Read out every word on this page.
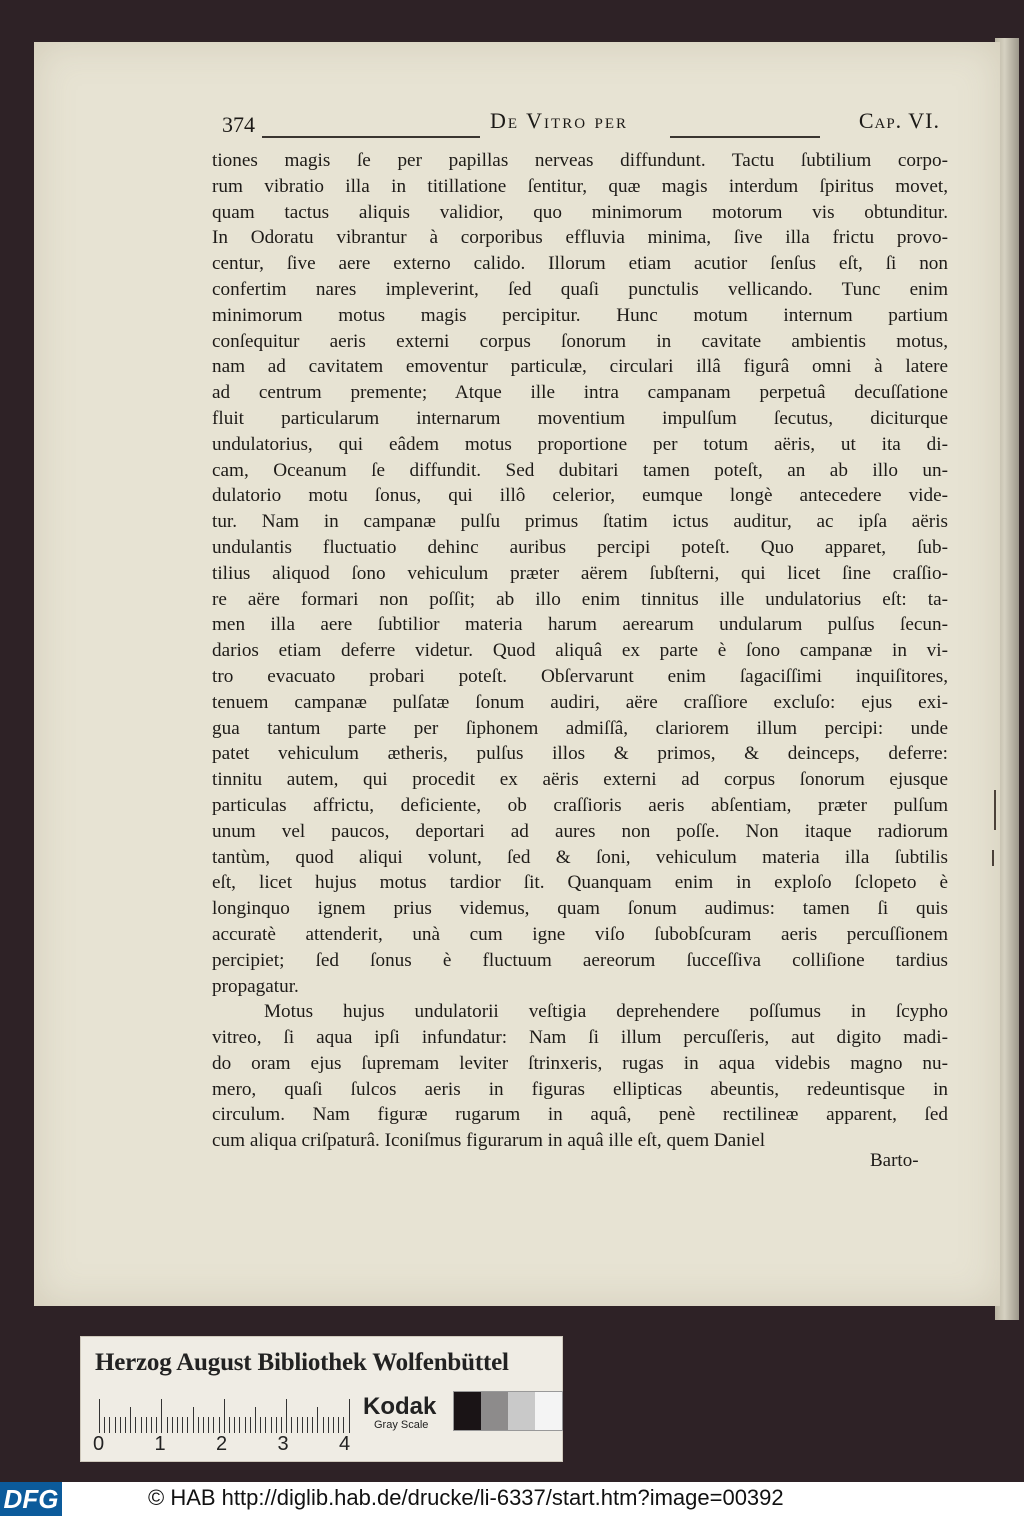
374	De Vitro per	Cap. VI.
tiones magis ſe per papillas nerveas diffundunt. Tactu ſubtilium corpo-
rum vibratio illa in titillatione ſentitur, quæ magis interdum ſpiritus movet,
quam tactus aliquis validior, quo minimorum motorum vis obtunditur.
In Odoratu vibrantur à corporibus effluvia minima, ſive illa frictu provo-
centur, ſive aere externo calido. Illorum etiam acutior ſenſus eſt, ſi non
confertim nares impleverint, ſed quaſi punctulis vellicando. Tunc enim
minimorum motus magis percipitur. Hunc motum internum partium
conſequitur aeris externi corpus ſonorum in cavitate ambientis motus,
nam ad cavitatem emoventur particulæ, circulari illâ figurâ omni à latere
ad centrum premente; Atque ille intra campanam perpetuâ decuſſatione
fluit particularum internarum moventium impulſum ſecutus, diciturque
undulatorius, qui eâdem motus proportione per totum aëris, ut ita di-
cam, Oceanum ſe diffundit. Sed dubitari tamen poteſt, an ab illo un-
dulatorio motu ſonus, qui illô celerior, eumque longè antecedere vide-
tur. Nam in campanæ pulſu primus ſtatim ictus auditur, ac ipſa aëris
undulantis fluctuatio dehinc auribus percipi poteſt. Quo apparet, ſub-
tilius aliquod ſono vehiculum præter aërem ſubſterni, qui licet ſine craſſio-
re aëre formari non poſſit; ab illo enim tinnitus ille undulatorius eſt: ta-
men illa aere ſubtilior materia harum aerearum undularum pulſus ſecun-
darios etiam deferre videtur. Quod aliquâ ex parte è ſono campanæ in vi-
tro evacuato probari poteſt. Obſervarunt enim ſagaciſſimi inquiſitores,
tenuem campanæ pulſatæ ſonum audiri, aëre craſſiore excluſo: ejus exi-
gua tantum parte per ſiphonem admiſſâ, clariorem illum percipi: unde
patet vehiculum ætheris, pulſus illos & primos, & deinceps, deferre:
tinnitu autem, qui procedit ex aëris externi ad corpus ſonorum ejusque
particulas affrictu, deficiente, ob craſſioris aeris abſentiam, præter pulſum
unum vel paucos, deportari ad aures non poſſe. Non itaque radiorum
tantùm, quod aliqui volunt, ſed & ſoni, vehiculum materia illa ſubtilis
eſt, licet hujus motus tardior ſit. Quanquam enim in exploſo ſclopeto è
longinquo ignem prius videmus, quam ſonum audimus: tamen ſi quis
accuratè attenderit, unà cum igne viſo ſubobſcuram aeris percuſſionem
percipiet; ſed ſonus è fluctuum aereorum ſucceſſiva colliſione tardius
propagatur.
Motus hujus undulatorii veſtigia deprehendere poſſumus in ſcypho
vitreo, ſi aqua ipſi infundatur: Nam ſi illum percuſſeris, aut digito madi-
do oram ejus ſupremam leviter ſtrinxeris, rugas in aqua videbis magno nu-
mero, quaſi ſulcos aeris in figuras ellipticas abeuntis, redeuntisque in
circulum. Nam figuræ rugarum in aquâ, penè rectilineæ apparent, ſed
cum aliqua criſpaturâ. Iconiſmus figurarum in aquâ ille eſt, quem Daniel
Barto-
Herzog August Bibliothek Wolfenbüttel
0	1	2	3	4
Kodak
Gray Scale
DFG	© HAB http://diglib.hab.de/drucke/li-6337/start.htm?image=00392
